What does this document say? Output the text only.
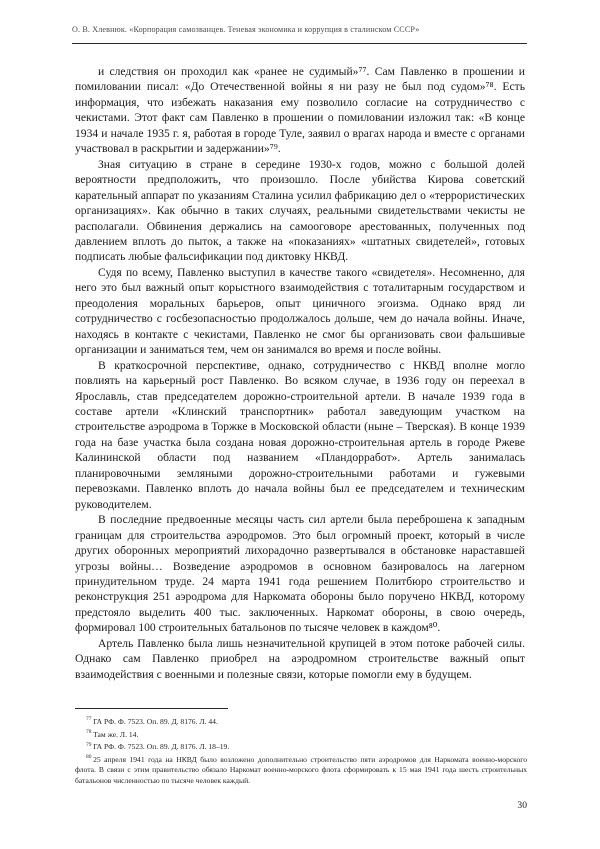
О. В. Хлевнюк. «Корпорация самозванцев. Теневая экономика и коррупция в сталинском СССР»

и следствия он проходил как «ранее не судимый»​⁷⁷. Сам Павленко в прошении и помиловании писал: «До Отечественной войны я ни разу не был под судом»⁷⁸. Есть информация, что избежать наказания ему позволило согласие на сотрудничество с чекистами. Этот факт сам Павленко в прошении о помиловании изложил так: «В конце 1934 и начале 1935 г. я, работая в городе Туле, заявил о врагах народа и вместе с органами участвовал в раскрытии и задержании»⁷⁹.

Зная ситуацию в стране в середине 1930-х годов, можно с большой долей вероятности предположить, что произошло. После убийства Кирова советский карательный аппарат по указаниям Сталина усилил фабрикацию дел о «террористических организациях». Как обычно в таких случаях, реальными свидетельствами чекисты не располагали. Обвинения держались на самооговоре арестованных, полученных под давлением вплоть до пыток, а также на «показаниях» «штатных свидетелей», готовых подписать любые фальсификации под диктовку НКВД.

Судя по всему, Павленко выступил в качестве такого «свидетеля». Несомненно, для него это был важный опыт корыстного взаимодействия с тоталитарным государством и преодоления моральных барьеров, опыт циничного эгоизма. Однако вряд ли сотрудничество с госбезопасностью продолжалось дольше, чем до начала войны. Иначе, находясь в контакте с чекистами, Павленко не смог бы организовать свои фальшивые организации и заниматься тем, чем он занимался во время и после войны.

В краткосрочной перспективе, однако, сотрудничество с НКВД вполне могло повлиять на карьерный рост Павленко. Во всяком случае, в 1936 году он переехал в Ярославль, став председателем дорожно-строительной артели. В начале 1939 года в составе артели «Клинский транспортник» работал заведующим участком на строительстве аэродрома в Торжке в Московской области (ныне – Тверская). В конце 1939 года на базе участка была создана новая дорожно-строительная артель в городе Ржеве Калининской области под названием «Пландорработ». Артель занималась планировочными земляными дорожно-строительными работами и гужевыми перевозками. Павленко вплоть до начала войны был ее председателем и техническим руководителем.

В последние предвоенные месяцы часть сил артели была переброшена к западным границам для строительства аэродромов. Это был огромный проект, который в числе других оборонных мероприятий лихорадочно развертывался в обстановке нараставшей угрозы войны… Возведение аэродромов в основном базировалось на лагерном принудительном труде. 24 марта 1941 года решением Политбюро строительство и реконструкция 251 аэродрома для Наркомата обороны было поручено НКВД, которому предстояло выделить 400 тыс. заключенных. Наркомат обороны, в свою очередь, формировал 100 строительных батальонов по тысяче человек в каждом⁸⁰.

Артель Павленко была лишь незначительной крупицей в этом потоке рабочей силы. Однако сам Павленко приобрел на аэродромном строительстве важный опыт взаимодействия с военными и полезные связи, которые помогли ему в будущем.

$^{77}$ ГА РФ. Ф. 7523. Оп. 89. Д. 8176. Л. 44.

$^{78}$ Там же. Л. 14.

$^{79}$ ГА РФ. Ф. 7523. Оп. 89. Д. 8176. Л. 18–19.

$^{80}$ 25 апреля 1941 года на НКВД было возложено дополнительно строительство пяти аэродромов для Наркомата военно-морского флота. В связи с этим правительство обязало Наркомат военно-морского флота сформировать к 15 мая 1941 года шесть строительных батальонов численностью по тысяче человек каждый.

30
